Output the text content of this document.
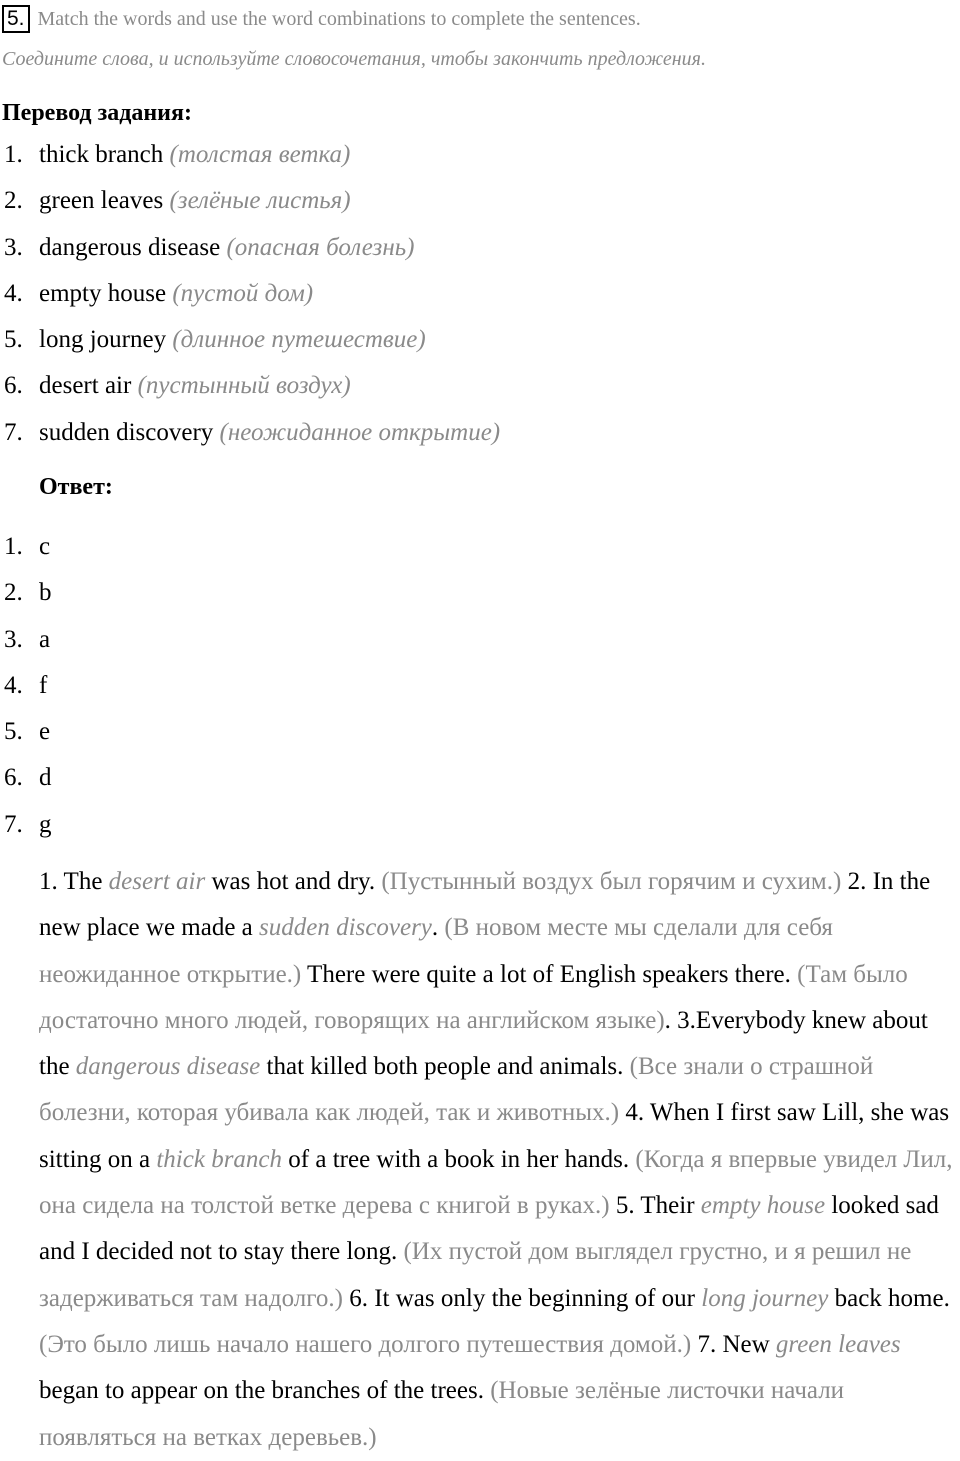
5. Match the words and use the word combinations to complete the sentences.
Соедините слова, и используйте словосочетания, чтобы закончить предложения.
Перевод задания:
1. thick branch (толстая ветка)
2. green leaves (зелёные листья)
3. dangerous disease (опасная болезнь)
4. empty house (пустой дом)
5. long journey (длинное путешествие)
6. desert air (пустынный воздух)
7. sudden discovery (неожиданное открытие)
Ответ:
1. c
2. b
3. a
4. f
5. e
6. d
7. g

1. The desert air was hot and dry. (Пустынный воздух был горячим и сухим.) 2. In the new place we made a sudden discovery. (В новом месте мы сделали для себя неожиданное открытие.) There were quite a lot of English speakers there. (Там было достаточно много людей, говорящих на английском языке). 3.Everybody knew about the dangerous disease that killed both people and animals. (Все знали о страшной болезни, которая убивала как людей, так и животных.) 4. When I first saw Lill, she was sitting on a thick branch of a tree with a book in her hands. (Когда я впервые увидел Лил, она сидела на толстой ветке дерева с книгой в руках.) 5. Their empty house looked sad and I decided not to stay there long. (Их пустой дом выглядел грустно, и я решил не задерживаться там надолго.) 6. It was only the beginning of our long journey back home. (Это было лишь начало нашего долгого путешествия домой.) 7. New green leaves began to appear on the branches of the trees. (Новые зелёные листочки начали появляться на ветках деревьев.)
